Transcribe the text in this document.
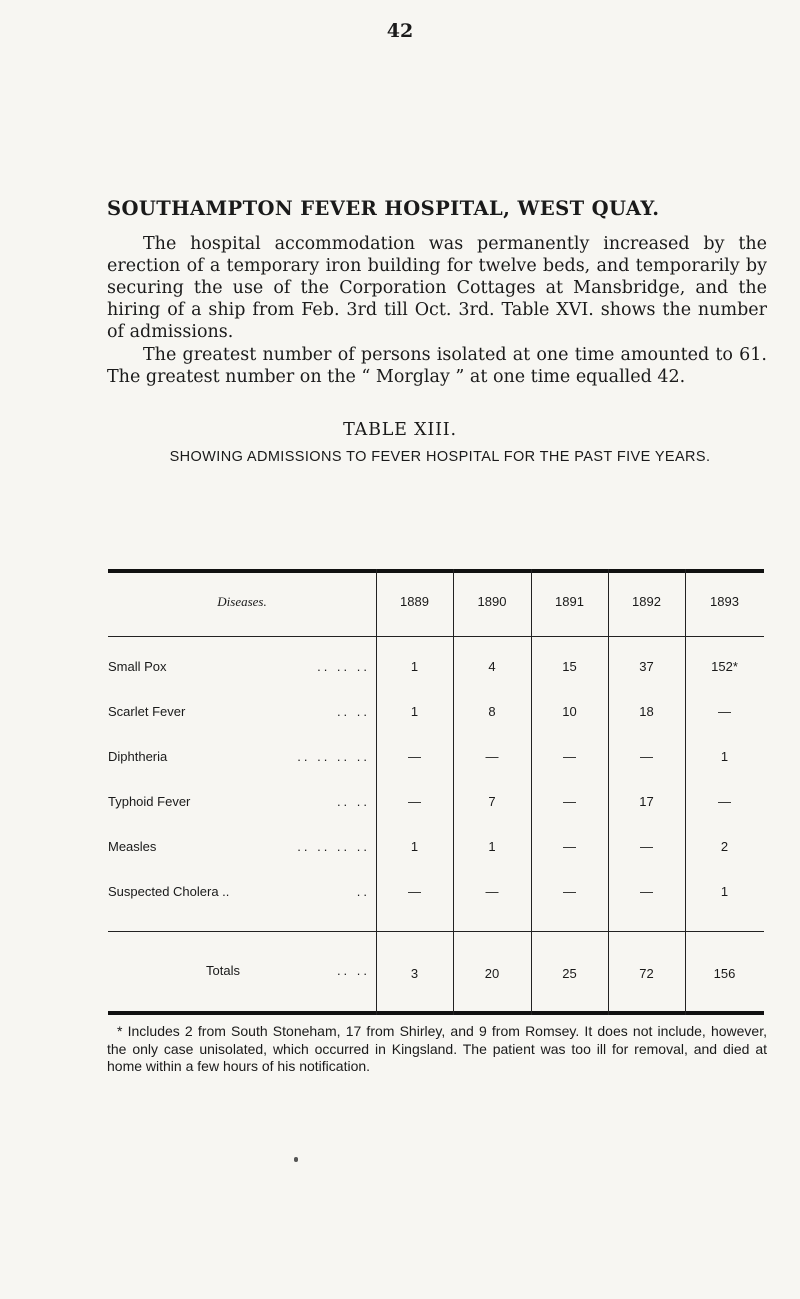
42
SOUTHAMPTON FEVER HOSPITAL, WEST QUAY.

The hospital accommodation was permanently increased by the erection of a temporary iron building for twelve beds, and temporarily by securing the use of the Corporation Cottages at Mansbridge, and the hiring of a ship from Feb. 3rd till Oct. 3rd. Table XVI. shows the number of admissions.

The greatest number of persons isolated at one time amounted to 61. The greatest number on the “ Morglay ” at one time equalled 42.

TABLE XIII.
SHOWING ADMISSIONS TO FEVER HOSPITAL FOR THE PAST FIVE YEARS.
Diseases.	1889	1890	1891	1892	1893
Small Pox	.. .. ..	1	4	15	37	152*
Scarlet Fever	.. ..	1	8	10	18	—
Diphtheria	.. .. .. ..	—	—	—	—	1
Typhoid Fever	.. ..	—	7	—	17	—
Measles	.. .. .. ..	1	1	—	—	2
Suspected Cholera ..	..	—	—	—	—	1
Totals	.. ..	3	20	25	72	156

* Includes 2 from South Stoneham, 17 from Shirley, and 9 from Romsey. It does not include, however, the only case unisolated, which occurred in Kingsland. The patient was too ill for removal, and died at home within a few hours of his notification.
